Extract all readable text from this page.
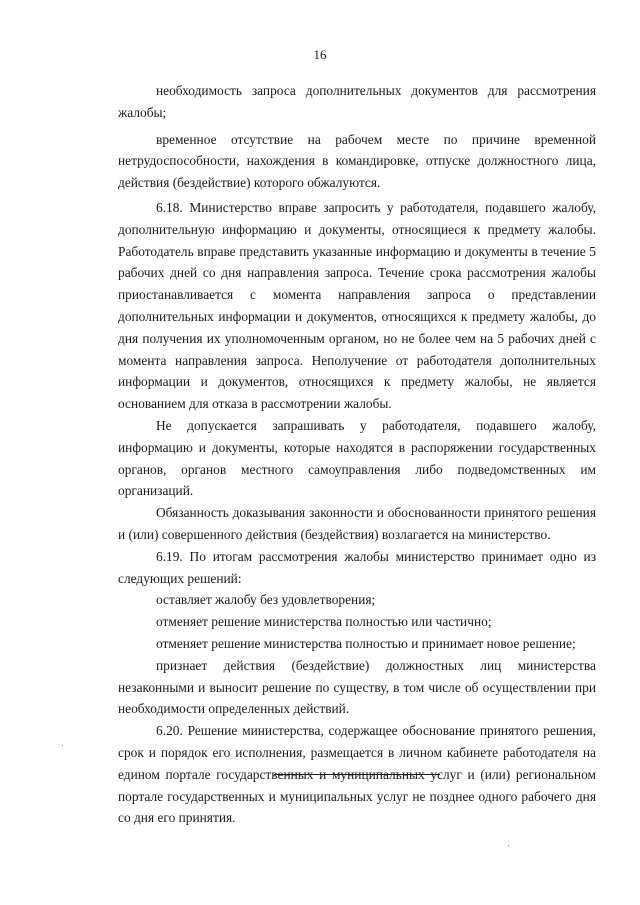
16

необходимость запроса дополнительных документов для рассмотрения жалобы;

временное отсутствие на рабочем месте по причине временной нетрудоспособности, нахождения в командировке, отпуске должностного лица, действия (бездействие) которого обжалуются.

6.18. Министерство вправе запросить у работодателя, подавшего жалобу, дополнительную информацию и документы, относящиеся к предмету жалобы. Работодатель вправе представить указанные информацию и документы в течение 5 рабочих дней со дня направления запроса. Течение срока рассмотрения жалобы приостанавливается с момента направления запроса о представлении дополнительных информации и документов, относящихся к предмету жалобы, до дня получения их уполномоченным органом, но не более чем на 5 рабочих дней с момента направления запроса. Неполучение от работодателя дополнительных информации и документов, относящихся к предмету жалобы, не является основанием для отказа в рассмотрении жалобы.

Не допускается запрашивать у работодателя, подавшего жалобу, информацию и документы, которые находятся в распоряжении государственных органов, органов местного самоуправления либо подведомственных им организаций.

Обязанность доказывания законности и обоснованности принятого решения и (или) совершенного действия (бездействия) возлагается на министерство.

6.19. По итогам рассмотрения жалобы министерство принимает одно из следующих решений:

оставляет жалобу без удовлетворения;

отменяет решение министерства полностью или частично;

отменяет решение министерства полностью и принимает новое решение;

признает действия (бездействие) должностных лиц министерства незаконными и выносит решение по существу, в том числе об осуществлении при необходимости определенных действий.

6.20. Решение министерства, содержащее обоснование принятого решения, срок и порядок его исполнения, размещается в личном кабинете работодателя на едином портале государственных и муниципальных услуг и (или) региональном портале государственных и муниципальных услуг не позднее одного рабочего дня со дня его принятия.
